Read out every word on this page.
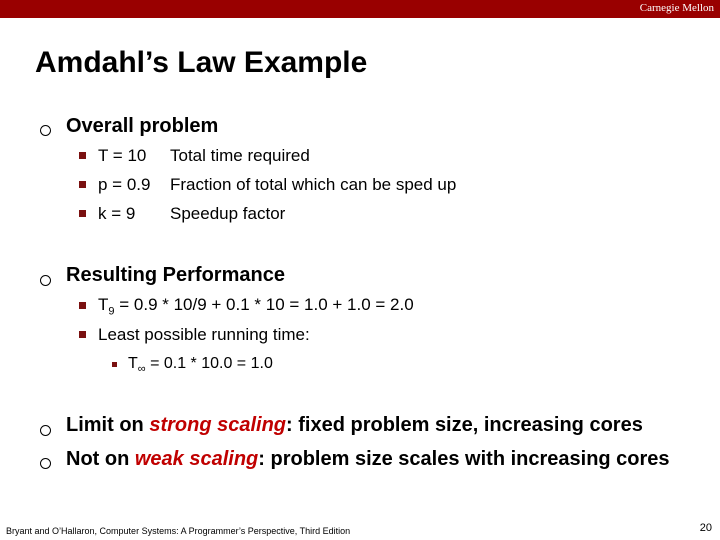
Carnegie Mellon
Amdahl’s Law Example
Overall problem
T = 10 Total time required
p = 0.9 Fraction of total which can be sped up
k = 9 Speedup factor
Resulting Performance
$T_9 = 0.9 * 10/9 + 0.1 * 10 = 1.0 + 1.0 = 2.0$
Least possible running time:
$T_\infty = 0.1 * 10.0 = 1.0$
Limit on strong scaling: fixed problem size, increasing cores
Not on weak scaling: problem size scales with increasing cores
Bryant and O’Hallaron, Computer Systems: A Programmer’s Perspective, Third Edition	20
